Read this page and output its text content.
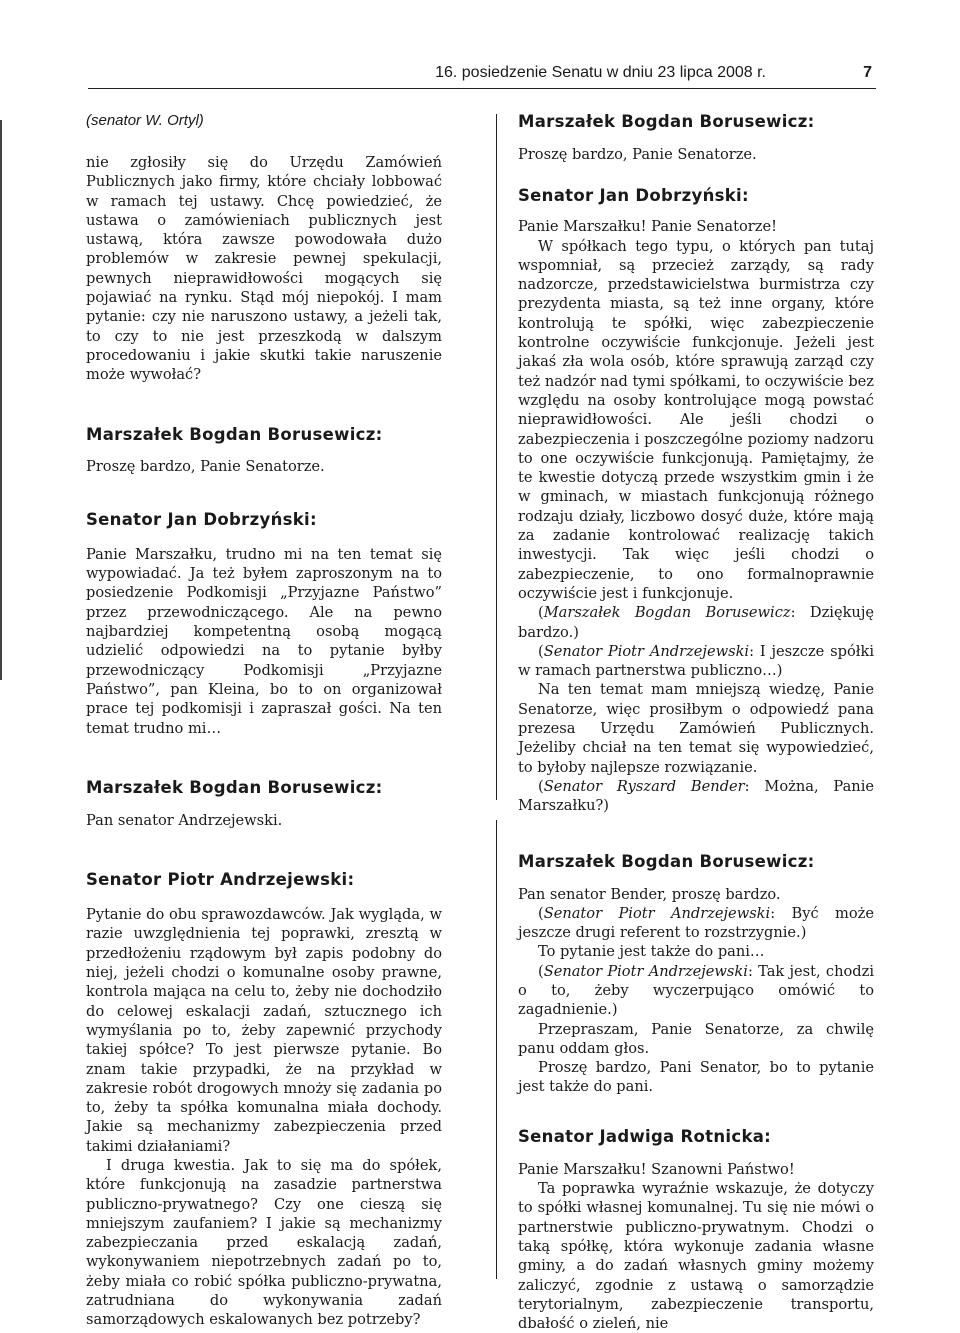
16. posiedzenie Senatu w dniu 23 lipca 2008 r.	7

(senator W. Ortyl)

nie zgłosiły się do Urzędu Zamówień Publicznych jako firmy, które chciały lobbować w ramach tej ustawy. Chcę powiedzieć, że ustawa o zamówieniach publicznych jest ustawą, która zawsze powodowała dużo problemów w zakresie pewnej spekulacji, pewnych nieprawidłowości mogących się pojawiać na rynku. Stąd mój niepokój. I mam pytanie: czy nie naruszono ustawy, a jeżeli tak, to czy to nie jest przeszkodą w dalszym procedowaniu i jakie skutki takie naruszenie może wywołać?

Marszałek Bogdan Borusewicz:

Proszę bardzo, Panie Senatorze.

Senator Jan Dobrzyński:

Panie Marszałku, trudno mi na ten temat się wypowiadać. Ja też byłem zaproszonym na to posiedzenie Podkomisji „Przyjazne Państwo” przez przewodniczącego. Ale na pewno najbardziej kompetentną osobą mogącą udzielić odpowiedzi na to pytanie byłby przewodniczący Podkomisji „Przyjazne Państwo”, pan Kleina, bo to on organizował prace tej podkomisji i zapraszał gości. Na ten temat trudno mi…

Marszałek Bogdan Borusewicz:

Pan senator Andrzejewski.

Senator Piotr Andrzejewski:

Pytanie do obu sprawozdawców. Jak wygląda, w razie uwzględnienia tej poprawki, zresztą w przedłożeniu rządowym był zapis podobny do niej, jeżeli chodzi o komunalne osoby prawne, kontrola mająca na celu to, żeby nie dochodziło do celowej eskalacji zadań, sztucznego ich wymyślania po to, żeby zapewnić przychody takiej spółce? To jest pierwsze pytanie. Bo znam takie przypadki, że na przykład w zakresie robót drogowych mnoży się zadania po to, żeby ta spółka komunalna miała dochody. Jakie są mechanizmy zabezpieczenia przed takimi działaniami?

I druga kwestia. Jak to się ma do spółek, które funkcjonują na zasadzie partnerstwa publiczno-prywatnego? Czy one cieszą się mniejszym zaufaniem? I jakie są mechanizmy zabezpieczania przed eskalacją zadań, wykonywaniem niepotrzebnych zadań po to, żeby miała co robić spółka publiczno-prywatna, zatrudniana do wykonywania zadań samorządowych eskalowanych bez potrzeby?

Marszałek Bogdan Borusewicz:

Proszę bardzo, Panie Senatorze.

Senator Jan Dobrzyński:

Panie Marszałku! Panie Senatorze!

W spółkach tego typu, o których pan tutaj wspomniał, są przecież zarządy, są rady nadzorcze, przedstawicielstwa burmistrza czy prezydenta miasta, są też inne organy, które kontrolują te spółki, więc zabezpieczenie kontrolne oczywiście funkcjonuje. Jeżeli jest jakaś zła wola osób, które sprawują zarząd czy też nadzór nad tymi spółkami, to oczywiście bez względu na osoby kontrolujące mogą powstać nieprawidłowości. Ale jeśli chodzi o zabezpieczenia i poszczególne poziomy nadzoru to one oczywiście funkcjonują. Pamiętajmy, że te kwestie dotyczą przede wszystkim gmin i że w gminach, w miastach funkcjonują różnego rodzaju działy, liczbowo dosyć duże, które mają za zadanie kontrolować realizację takich inwestycji. Tak więc jeśli chodzi o zabezpieczenie, to ono formalnoprawnie oczywiście jest i funkcjonuje.

(Marszałek Bogdan Borusewicz: Dziękuję bardzo.)

(Senator Piotr Andrzejewski: I jeszcze spółki w ramach partnerstwa publiczno…)

Na ten temat mam mniejszą wiedzę, Panie Senatorze, więc prosiłbym o odpowiedź pana prezesa Urzędu Zamówień Publicznych. Jeżeliby chciał na ten temat się wypowiedzieć, to byłoby najlepsze rozwiązanie.

(Senator Ryszard Bender: Można, Panie Marszałku?)

Marszałek Bogdan Borusewicz:

Pan senator Bender, proszę bardzo.

(Senator Piotr Andrzejewski: Być może jeszcze drugi referent to rozstrzygnie.)

To pytanie jest także do pani…

(Senator Piotr Andrzejewski: Tak jest, chodzi o to, żeby wyczerpująco omówić to zagadnienie.)

Przepraszam, Panie Senatorze, za chwilę panu oddam głos.

Proszę bardzo, Pani Senator, bo to pytanie jest także do pani.

Senator Jadwiga Rotnicka:

Panie Marszałku! Szanowni Państwo!

Ta poprawka wyraźnie wskazuje, że dotyczy to spółki własnej komunalnej. Tu się nie mówi o partnerstwie publiczno-prywatnym. Chodzi o taką spółkę, która wykonuje zadania własne gminy, a do zadań własnych gminy możemy zaliczyć, zgodnie z ustawą o samorządzie terytorialnym, zabezpieczenie transportu, dbałość o zieleń, nie
